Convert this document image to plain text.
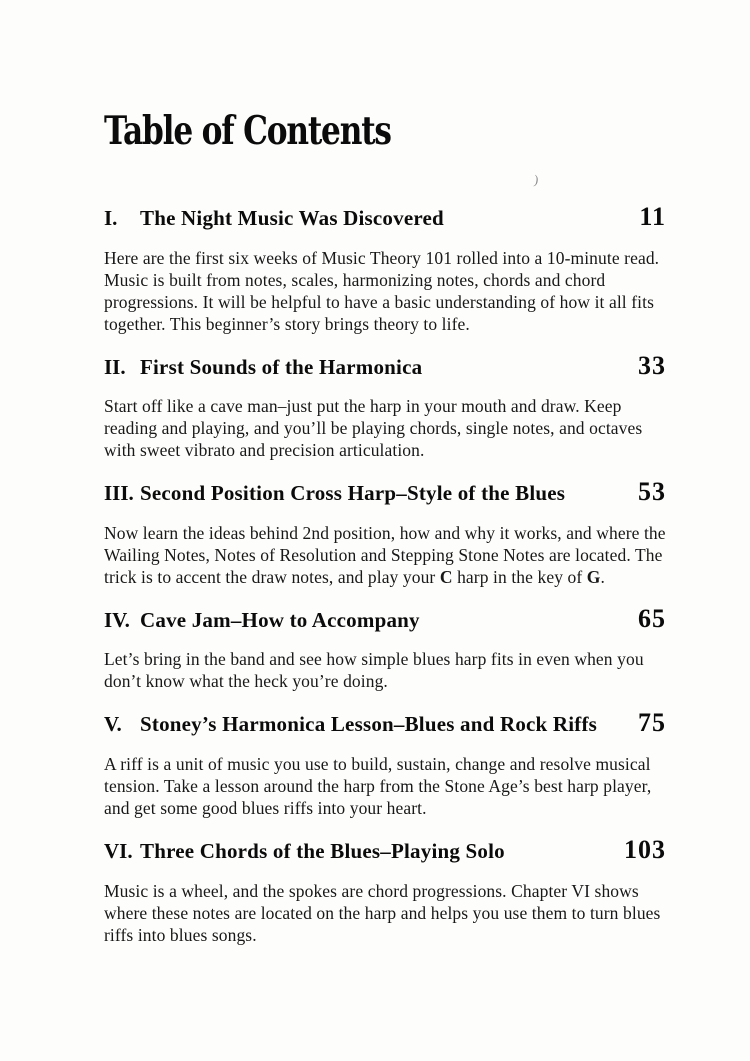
)
Table of Contents
I.	The Night Music Was Discovered	11

Here are the first six weeks of Music Theory 101 rolled into a 10-minute read. Music is built from notes, scales, harmonizing notes, chords and chord progressions. It will be helpful to have a basic understanding of how it all fits together. This beginner’s story brings theory to life.

II. First Sounds of the Harmonica	33

Start off like a cave man–just put the harp in your mouth and draw. Keep reading and playing, and you’ll be playing chords, single notes, and octaves with sweet vibrato and precision articulation.

III. Second Position Cross Harp–Style of the Blues	53

Now learn the ideas behind 2nd position, how and why it works, and where the Wailing Notes, Notes of Resolution and Stepping Stone Notes are located. The trick is to accent the draw notes, and play your C harp in the key of G.

IV. Cave Jam–How to Accompany	65

Let’s bring in the band and see how simple blues harp fits in even when you don’t know what the heck you’re doing.

V. Stoney’s Harmonica Lesson–Blues and Rock Riffs	75

A riff is a unit of music you use to build, sustain, change and resolve musical tension. Take a lesson around the harp from the Stone Age’s best harp player, and get some good blues riffs into your heart.

VI. Three Chords of the Blues–Playing Solo	103

Music is a wheel, and the spokes are chord progressions. Chapter VI shows where these notes are located on the harp and helps you use them to turn blues riffs into blues songs.
